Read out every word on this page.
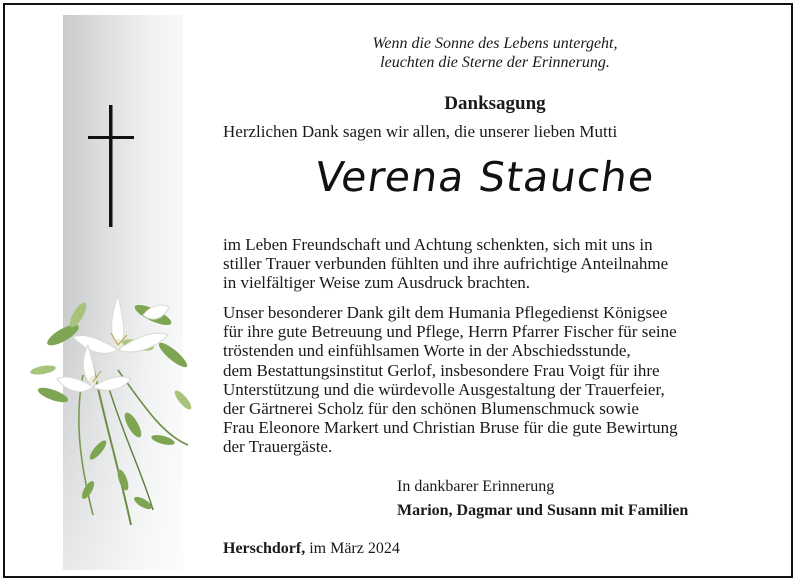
Wenn die Sonne des Lebens untergeht,
leuchten die Sterne der Erinnerung.

Danksagung

Herzlichen Dank sagen wir allen, die unserer lieben Mutti

Verena Stauche

im Leben Freundschaft und Achtung schenkten, sich mit uns in
stiller Trauer verbunden fühlten und ihre aufrichtige Anteilnahme
in vielfältiger Weise zum Ausdruck brachten.

Unser besonderer Dank gilt dem Humania Pflegedienst Königsee
für ihre gute Betreuung und Pflege, Herrn Pfarrer Fischer für seine
tröstenden und einfühlsamen Worte in der Abschiedsstunde,
dem Bestattungsinstitut Gerlof, insbesondere Frau Voigt für ihre
Unterstützung und die würdevolle Ausgestaltung der Trauerfeier,
der Gärtnerei Scholz für den schönen Blumenschmuck sowie
Frau Eleonore Markert und Christian Bruse für die gute Bewirtung
der Trauergäste.

In dankbarer Erinnerung

Marion, Dagmar und Susann mit Familien

Herschdorf, im März 2024
